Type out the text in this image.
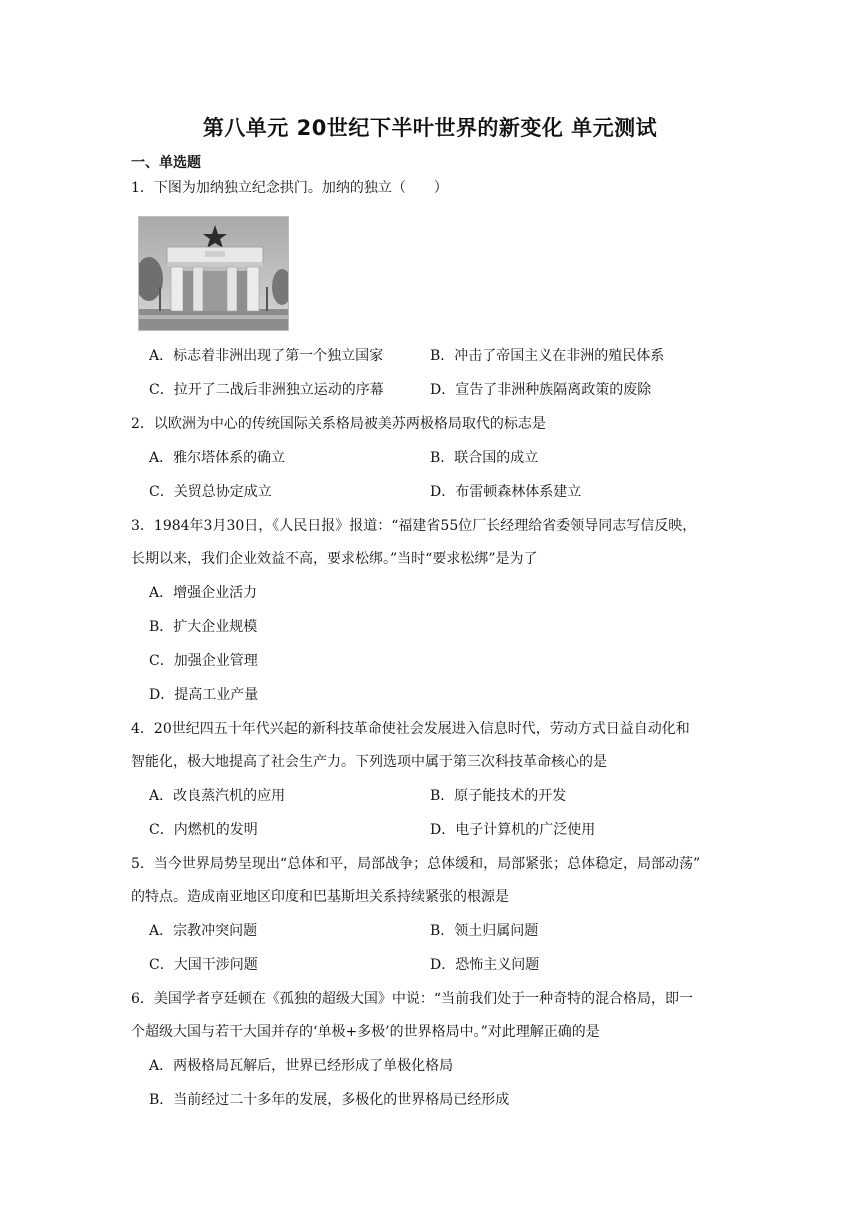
第八单元 20世纪下半叶世界的新变化 单元测试
一、单选题
1．下图为加纳独立纪念拱门。加纳的独立（　　）
A．标志着非洲出现了第一个独立国家	B．冲击了帝国主义在非洲的殖民体系
C．拉开了二战后非洲独立运动的序幕	D．宣告了非洲种族隔离政策的废除
2．以欧洲为中心的传统国际关系格局被美苏两极格局取代的标志是
A．雅尔塔体系的确立	B．联合国的成立
C．关贸总协定成立	D．布雷顿森林体系建立
3．1984年3月30日，《人民日报》报道：“福建省55位厂长经理给省委领导同志写信反映，
长期以来，我们企业效益不高，要求松绑。”当时“要求松绑”是为了
A．增强企业活力
B．扩大企业规模
C．加强企业管理
D．提高工业产量
4．20世纪四五十年代兴起的新科技革命使社会发展进入信息时代，劳动方式日益自动化和
智能化，极大地提高了社会生产力。下列选项中属于第三次科技革命核心的是
A．改良蒸汽机的应用	B．原子能技术的开发
C．内燃机的发明	D．电子计算机的广泛使用
5．当今世界局势呈现出“总体和平，局部战争；总体缓和，局部紧张；总体稳定，局部动荡”
的特点。造成南亚地区印度和巴基斯坦关系持续紧张的根源是
A．宗教冲突问题	B．领土归属问题
C．大国干涉问题	D．恐怖主义问题
6．美国学者亨廷顿在《孤独的超级大国》中说：“当前我们处于一种奇特的混合格局，即一
个超级大国与若干大国并存的‘单极+多极’的世界格局中。”对此理解正确的是
A．两极格局瓦解后，世界已经形成了单极化格局
B．当前经过二十多年的发展，多极化的世界格局已经形成
